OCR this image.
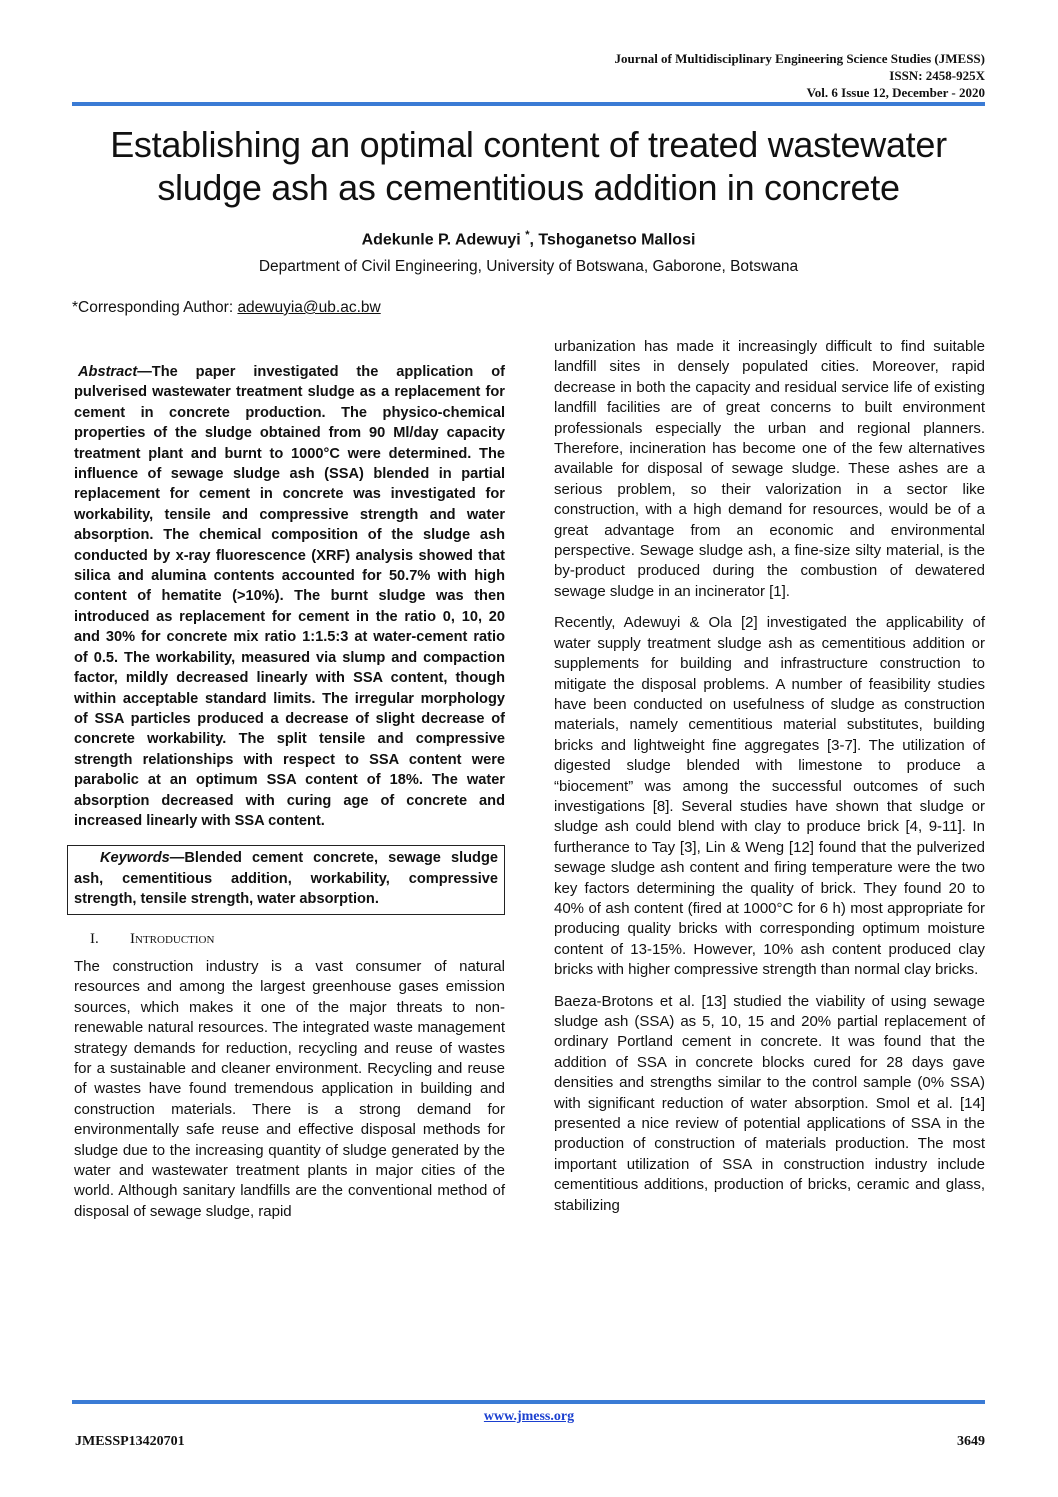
Journal of Multidisciplinary Engineering Science Studies (JMESS)
ISSN: 2458-925X
Vol. 6 Issue 12, December - 2020
Establishing an optimal content of treated wastewater sludge ash as cementitious addition in concrete
Adekunle P. Adewuyi *, Tshoganetso Mallosi
Department of Civil Engineering, University of Botswana, Gaborone, Botswana
*Corresponding Author: adewuyia@ub.ac.bw

Abstract—The paper investigated the application of pulverised wastewater treatment sludge as a replacement for cement in concrete production. The physico-chemical properties of the sludge obtained from 90 Ml/day capacity treatment plant and burnt to 1000°C were determined. The influence of sewage sludge ash (SSA) blended in partial replacement for cement in concrete was investigated for workability, tensile and compressive strength and water absorption. The chemical composition of the sludge ash conducted by x-ray fluorescence (XRF) analysis showed that silica and alumina contents accounted for 50.7% with high content of hematite (>10%). The burnt sludge was then introduced as replacement for cement in the ratio 0, 10, 20 and 30% for concrete mix ratio 1:1.5:3 at water-cement ratio of 0.5. The workability, measured via slump and compaction factor, mildly decreased linearly with SSA content, though within acceptable standard limits. The irregular morphology of SSA particles produced a decrease of slight decrease of concrete workability. The split tensile and compressive strength relationships with respect to SSA content were parabolic at an optimum SSA content of 18%. The water absorption decreased with curing age of concrete and increased linearly with SSA content.

Keywords—Blended cement concrete, sewage sludge ash, cementitious addition, workability, compressive strength, tensile strength, water absorption.

I. Introduction

The construction industry is a vast consumer of natural resources and among the largest greenhouse gases emission sources, which makes it one of the major threats to non-renewable natural resources. The integrated waste management strategy demands for reduction, recycling and reuse of wastes for a sustainable and cleaner environment. Recycling and reuse of wastes have found tremendous application in building and construction materials. There is a strong demand for environmentally safe reuse and effective disposal methods for sludge due to the increasing quantity of sludge generated by the water and wastewater treatment plants in major cities of the world. Although sanitary landfills are the conventional method of disposal of sewage sludge, rapid

urbanization has made it increasingly difficult to find suitable landfill sites in densely populated cities. Moreover, rapid decrease in both the capacity and residual service life of existing landfill facilities are of great concerns to built environment professionals especially the urban and regional planners. Therefore, incineration has become one of the few alternatives available for disposal of sewage sludge. These ashes are a serious problem, so their valorization in a sector like construction, with a high demand for resources, would be of a great advantage from an economic and environmental perspective. Sewage sludge ash, a fine-size silty material, is the by-product produced during the combustion of dewatered sewage sludge in an incinerator [1].

Recently, Adewuyi & Ola [2] investigated the applicability of water supply treatment sludge ash as cementitious addition or supplements for building and infrastructure construction to mitigate the disposal problems. A number of feasibility studies have been conducted on usefulness of sludge as construction materials, namely cementitious material substitutes, building bricks and lightweight fine aggregates [3-7]. The utilization of digested sludge blended with limestone to produce a “biocement” was among the successful outcomes of such investigations [8]. Several studies have shown that sludge or sludge ash could blend with clay to produce brick [4, 9-11]. In furtherance to Tay [3], Lin & Weng [12] found that the pulverized sewage sludge ash content and firing temperature were the two key factors determining the quality of brick. They found 20 to 40% of ash content (fired at 1000°C for 6 h) most appropriate for producing quality bricks with corresponding optimum moisture content of 13-15%. However, 10% ash content produced clay bricks with higher compressive strength than normal clay bricks.

Baeza-Brotons et al. [13] studied the viability of using sewage sludge ash (SSA) as 5, 10, 15 and 20% partial replacement of ordinary Portland cement in concrete. It was found that the addition of SSA in concrete blocks cured for 28 days gave densities and strengths similar to the control sample (0% SSA) with significant reduction of water absorption. Smol et al. [14] presented a nice review of potential applications of SSA in the production of construction of materials production. The most important utilization of SSA in construction industry include cementitious additions, production of bricks, ceramic and glass, stabilizing

www.jmess.org
JMESSP13420701	3649
